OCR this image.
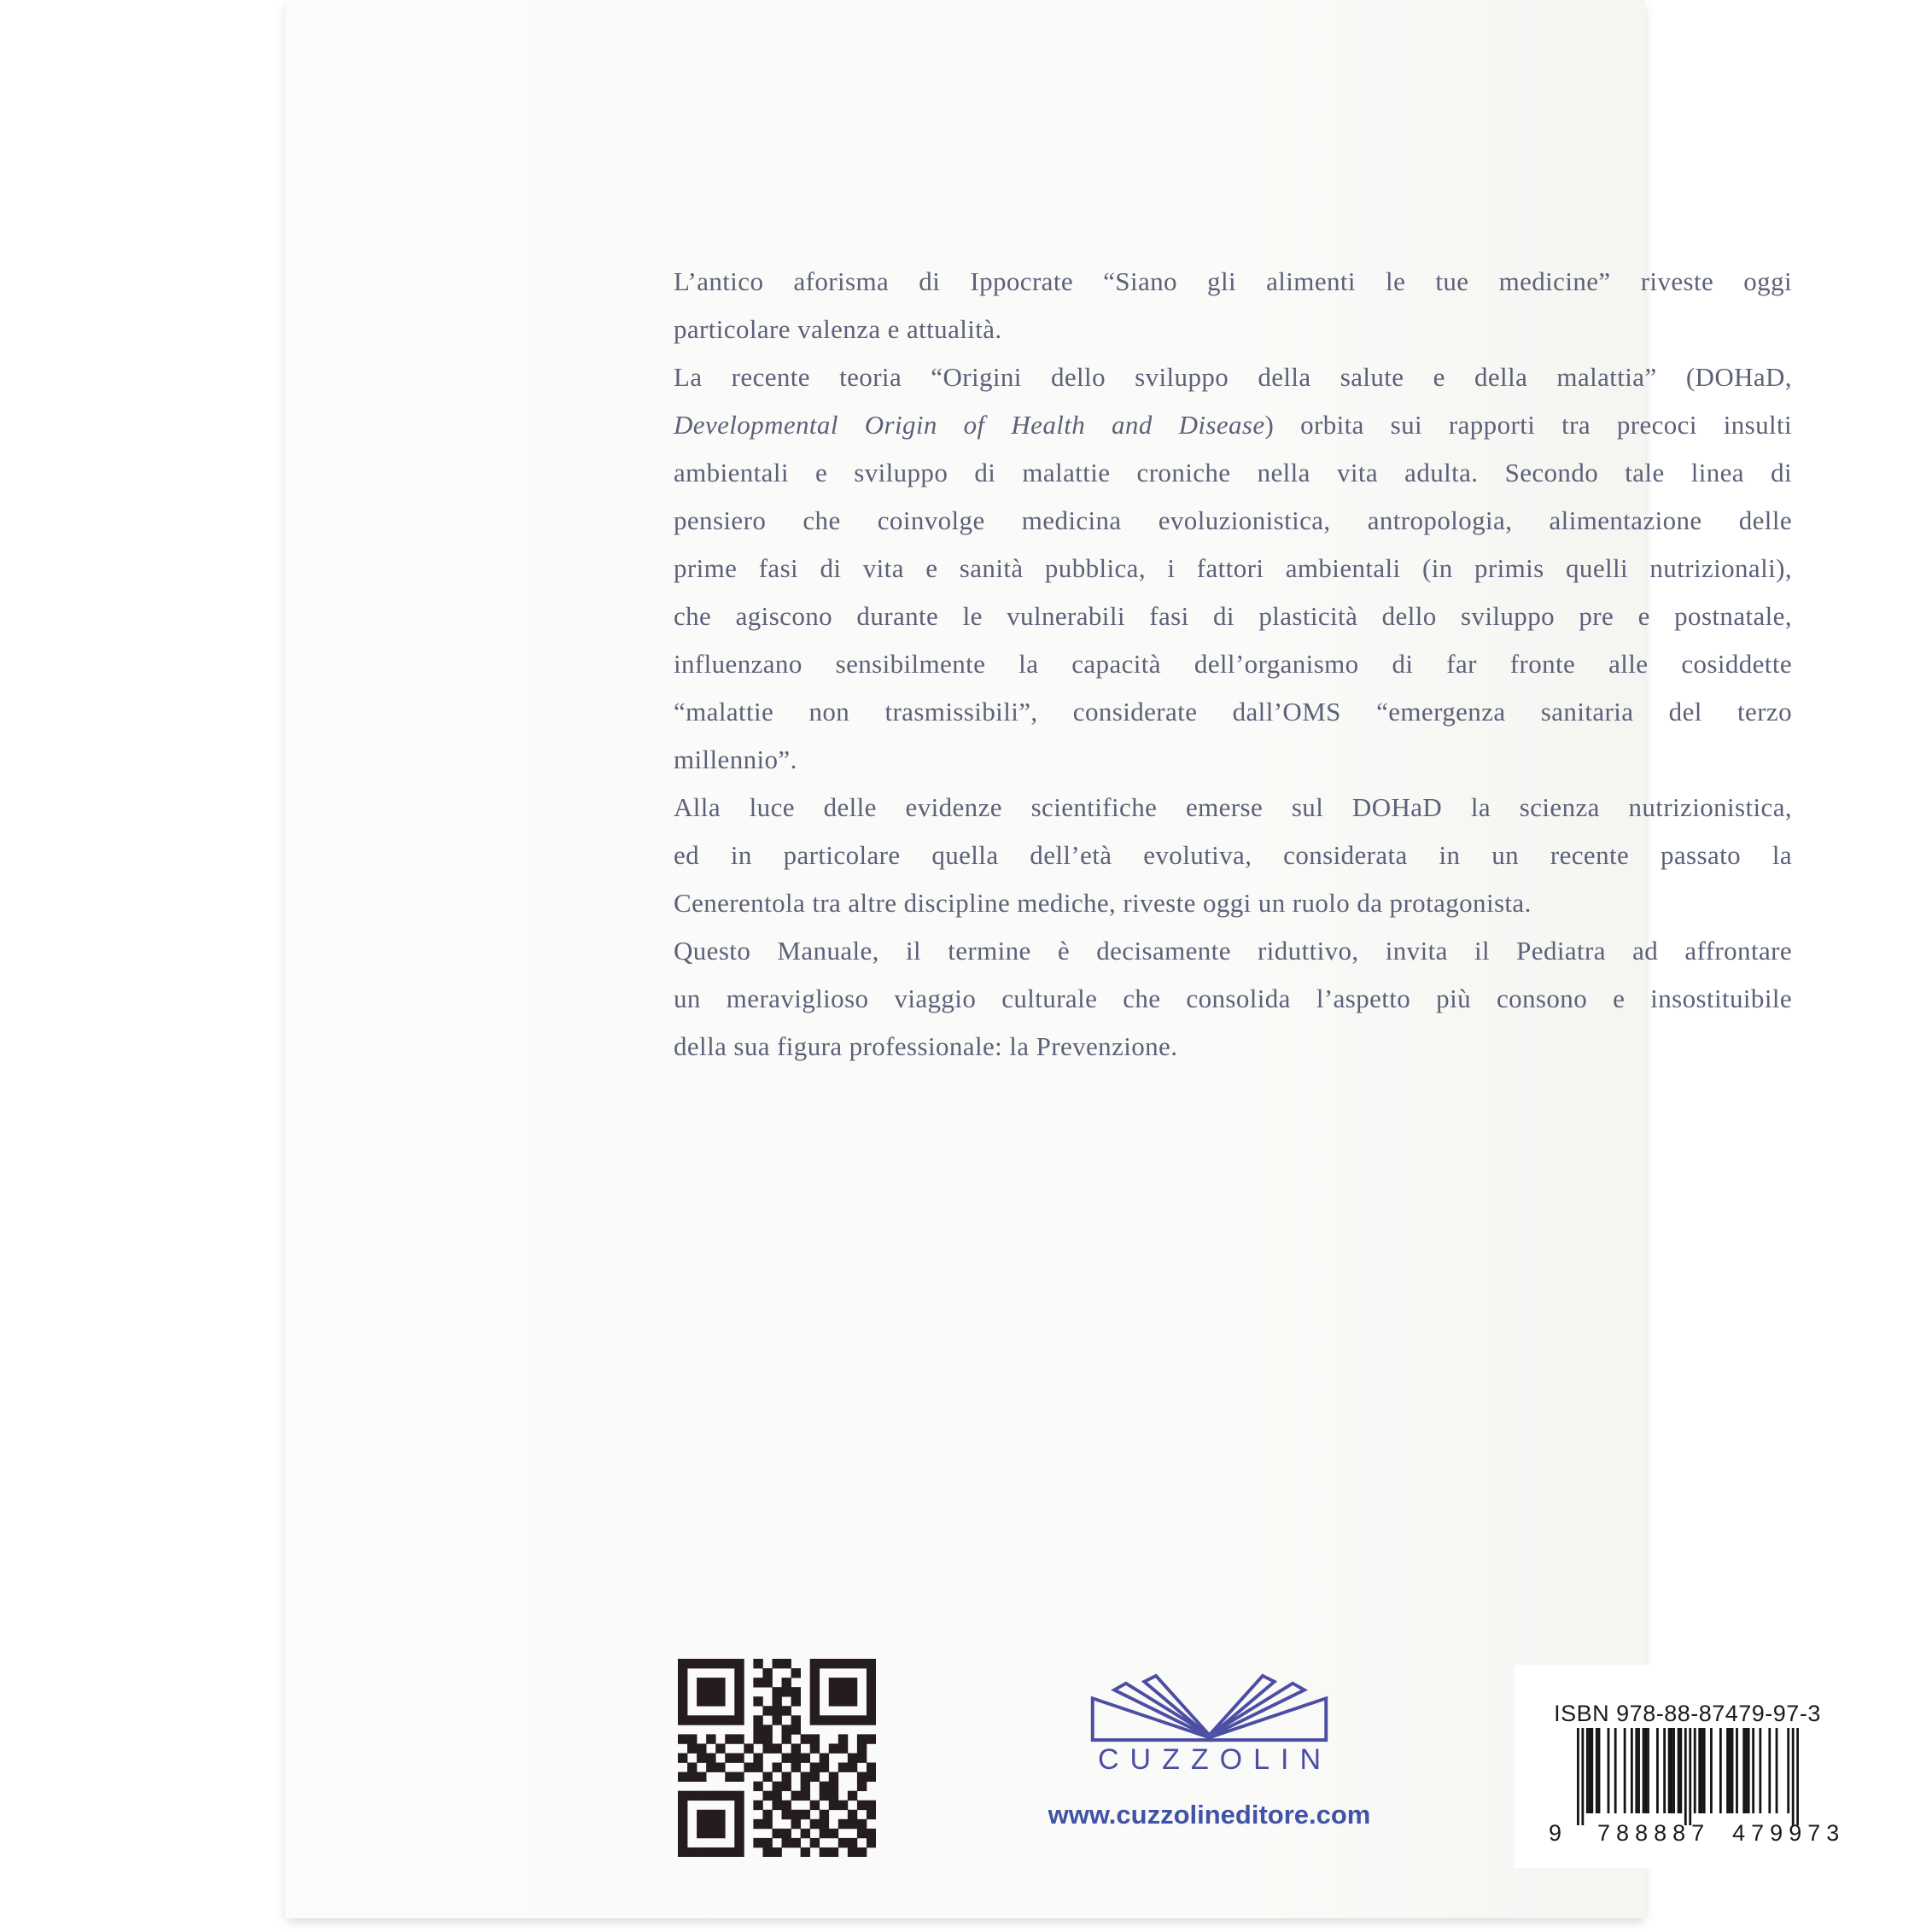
L’antico aforisma di Ippocrate “Siano gli alimenti le tue medicine” riveste oggi
particolare valenza e attualità.
La recente teoria “Origini dello sviluppo della salute e della malattia” (DOHaD,
Developmental Origin of Health and Disease) orbita sui rapporti tra precoci insulti
ambientali e sviluppo di malattie croniche nella vita adulta. Secondo tale linea di
pensiero che coinvolge medicina evoluzionistica, antropologia, alimentazione delle
prime fasi di vita e sanità pubblica, i fattori ambientali (in primis quelli nutrizionali),
che agiscono durante le vulnerabili fasi di plasticità dello sviluppo pre e postnatale,
influenzano sensibilmente la capacità dell’organismo di far fronte alle cosiddette
“malattie non trasmissibili”, considerate dall’OMS “emergenza sanitaria del terzo
millennio”.
Alla luce delle evidenze scientifiche emerse sul DOHaD la scienza nutrizionistica,
ed in particolare quella dell’età evolutiva, considerata in un recente passato la
Cenerentola tra altre discipline mediche, riveste oggi un ruolo da protagonista.
Questo Manuale, il termine è decisamente riduttivo, invita il Pediatra ad affrontare
un meraviglioso viaggio culturale che consolida l’aspetto più consono e insostituibile
della sua figura professionale: la Prevenzione.
CUZZOLIN
www.cuzzolineditore.com
ISBN 978-88-87479-97-3
9 788887 479973
